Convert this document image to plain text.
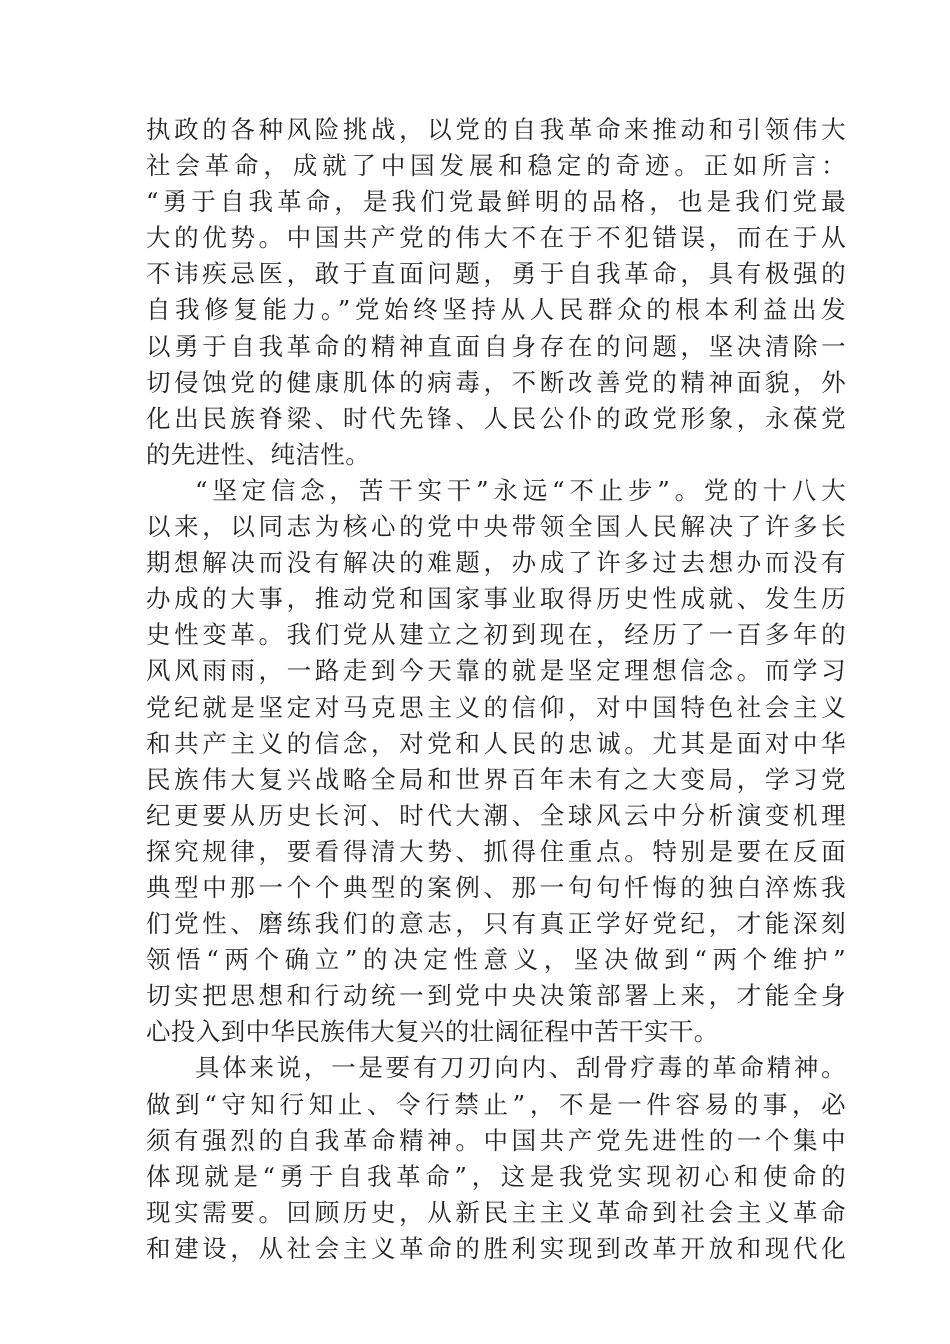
执政的各种风险挑战，以党的自我革命来推动和引领伟大
社会革命，成就了中国发展和稳定的奇迹。正如所言：
“勇于自我革命，是我们党最鲜明的品格，也是我们党最
大的优势。中国共产党的伟大不在于不犯错误，而在于从
不讳疾忌医，敢于直面问题，勇于自我革命，具有极强的
自我修复能力。”党始终坚持从人民群众的根本利益出发
以勇于自我革命的精神直面自身存在的问题，坚决清除一
切侵蚀党的健康肌体的病毒，不断改善党的精神面貌，外
化出民族脊梁、时代先锋、人民公仆的政党形象，永葆党
的先进性、纯洁性。
“坚定信念，苦干实干”永远“不止步”。党的十八大
以来，以同志为核心的党中央带领全国人民解决了许多长
期想解决而没有解决的难题，办成了许多过去想办而没有
办成的大事，推动党和国家事业取得历史性成就、发生历
史性变革。我们党从建立之初到现在，经历了一百多年的
风风雨雨，一路走到今天靠的就是坚定理想信念。而学习
党纪就是坚定对马克思主义的信仰，对中国特色社会主义
和共产主义的信念，对党和人民的忠诚。尤其是面对中华
民族伟大复兴战略全局和世界百年未有之大变局，学习党
纪更要从历史长河、时代大潮、全球风云中分析演变机理
探究规律，要看得清大势、抓得住重点。特别是要在反面
典型中那一个个典型的案例、那一句句忏悔的独白淬炼我
们党性、磨练我们的意志，只有真正学好党纪，才能深刻
领悟“两个确立”的决定性意义，坚决做到“两个维护”
切实把思想和行动统一到党中央决策部署上来，才能全身
心投入到中华民族伟大复兴的壮阔征程中苦干实干。
具体来说，一是要有刀刃向内、刮骨疗毒的革命精神。
做到“守知行知止、令行禁止”，不是一件容易的事，必
须有强烈的自我革命精神。中国共产党先进性的一个集中
体现就是“勇于自我革命”，这是我党实现初心和使命的
现实需要。回顾历史，从新民主主义革命到社会主义革命
和建设，从社会主义革命的胜利实现到改革开放和现代化
